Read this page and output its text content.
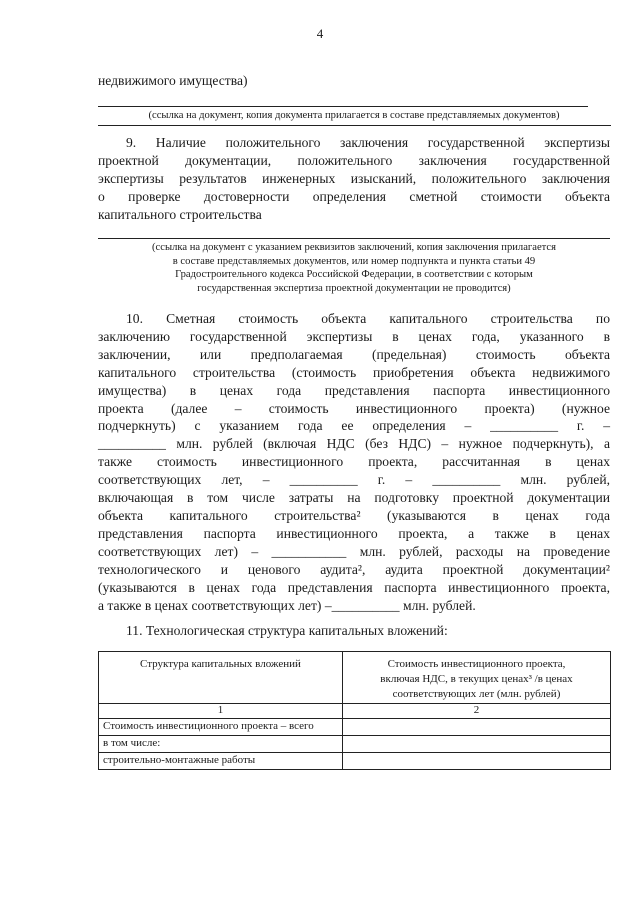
4
недвижимого имущества)
(ссылка на документ, копия документа прилагается в составе представляемых документов)
9. Наличие положительного заключения государственной экспертизы
проектной документации, положительного заключения государственной
экспертизы результатов инженерных изысканий, положительного заключения
о проверке достоверности определения сметной стоимости объекта
капитального строительства
(ссылка на документ с указанием реквизитов заключений, копия заключения прилагается
в составе представляемых документов, или номер подпункта и пункта статьи 49
Градостроительного кодекса Российской Федерации, в соответствии с которым
государственная экспертиза проектной документации не проводится)
10. Сметная стоимость объекта капитального строительства по
заключению государственной экспертизы в ценах года, указанного в
заключении, или предполагаемая (предельная) стоимость объекта
капитального строительства (стоимость приобретения объекта недвижимого
имущества) в ценах года представления паспорта инвестиционного
проекта (далее – стоимость инвестиционного проекта) (нужное
подчеркнуть) с указанием года ее определения – __________ г. –
__________ млн. рублей (включая НДС (без НДС) – нужное подчеркнуть), а
также стоимость инвестиционного проекта, рассчитанная в ценах
соответствующих лет, – __________ г. – __________ млн. рублей,
включающая в том числе затраты на подготовку проектной документации
объекта капитального строительства² (указываются в ценах года
представления паспорта инвестиционного проекта, а также в ценах
соответствующих лет) – ___________ млн. рублей, расходы на проведение
технологического и ценового аудита², аудита проектной документации²
(указываются в ценах года представления паспорта инвестиционного проекта,
а также в ценах соответствующих лет) –__________ млн. рублей.
11. Технологическая структура капитальных вложений:
Структура капитальных вложений	Стоимость инвестиционного проекта,
включая НДС, в текущих ценах³ /в ценах
соответствующих лет (млн. рублей)

1	2
Стоимость инвестиционного проекта – всего	
в том числе:	
строительно-монтажные работы	
